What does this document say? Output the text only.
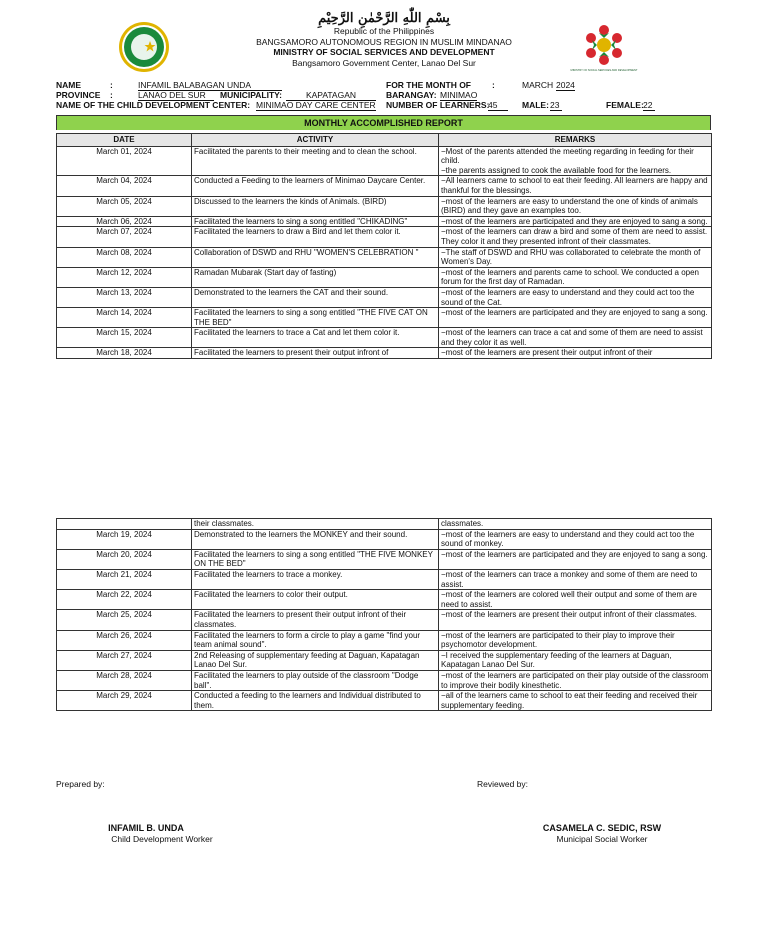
MINISTRY OF SOCIAL SERVICES AND DEVELOPMENT
بِسْمِ اللّٰهِ الرَّحْمٰنِ الرَّحِيْمِ
Republic of the Philippines
BANGSAMORO AUTONOMOUS REGION IN MUSLIM MINDANAO
MINISTRY OF SOCIAL SERVICES AND DEVELOPMENT
Bangsamoro Government Center, Lanao Del Sur
NAME	:	INFAMIL BALABAGAN UNDA
PROVINCE :	LANAO DEL SUR	MUNICIPALITY:	KAPATAGAN
NAME OF THE CHILD DEVELOPMENT CENTER: MINIMAO DAY CARE CENTER
FOR THE MONTH OF :	MARCH 2024
BARANGAY: MINIMAO
NUMBER OF LEARNERS:
45	MALE: 23	FEMALE: 22
MONTHLY ACCOMPLISHED REPORT
DATE	ACTIVITY	REMARKS
March 01, 2024	Facilitated the parents to their meeting and to clean the school.	−Most of the parents attended the meeting regarding in feeding for their child.
−the parents assigned to cook the available food for the learners.
March 04, 2024	Conducted a Feeding to the learners of Minimao Daycare Center.	−All learners came to school to eat their feeding. All learners are happy and thankful for the blessings.
March 05, 2024	Discussed to the learners the kinds of Animals. (BIRD)	−most of the learners are easy to understand the one of kinds of animals (BIRD) and they gave an examples too.
March 06, 2024	Facilitated the learners to sing a song entitled "CHIKADING"	−most of the learners are participated and they are enjoyed to sang a song.
March 07, 2024	Facilitated the learners to draw a Bird and let them color it.	−most of the learners can draw a bird and some of them are need to assist. They color it and they presented infront of their classmates.
March 08, 2024	Collaboration of DSWD and RHU "WOMEN'S CELEBRATION "	−The staff of DSWD and RHU was collaborated to celebrate the month of Women's Day.
March 12, 2024	Ramadan Mubarak (Start day of fasting)	−most of the learners and parents came to school. We conducted a open forum for the first day of Ramadan.
March 13, 2024	Demonstrated to the learners the CAT and their sound.	−most of the learners are easy to understand and they could act too the sound of the Cat.
March 14, 2024	Facilitated the learners to sing a song entitled "THE FIVE CAT ON THE BED"	−most of the learners are participated and they are enjoyed to sang a song.
March 15, 2024	Facilitated the learners to trace a Cat and let them color it.	−most of the learners can trace a cat and some of them are need to assist and they color it as well.
March 18, 2024	Facilitated the learners to present their output infront of	−most of the learners are present their output infront of their
	their classmates.	classmates.
March 19, 2024	Demonstrated to the learners the MONKEY and their sound.	−most of the learners are easy to understand and they could act too the sound of monkey.
March 20, 2024	Facilitated the learners to sing a song entitled "THE FIVE MONKEY ON THE BED"	−most of the learners are participated and they are enjoyed to sang a song.
March 21, 2024	Facilitated the learners to trace a monkey.	−most of the learners can trace a monkey and some of them are need to assist.
March 22, 2024	Facilitated the learners to color their output.	−most of the learners are colored well their output and some of them are need to assist.
March 25, 2024	Facilitated the learners to present their output infront of their classmates.	−most of the learners are present their output infront of their classmates.
March 26, 2024	Facilitated the learners to form a circle to play a game "find your team animal sound".	−most of the learners are participated to their play to improve their psychomotor development.
March 27, 2024	2nd Releasing of supplementary feeding at Daguan, Kapatagan Lanao Del Sur.	−I received the supplementary feeding of the learners at Daguan, Kapatagan Lanao Del Sur.
March 28, 2024	Facilitated the learners to play outside of the classroom "Dodge ball".	−most of the learners are participated on their play outside of the classroom to improve their bodily kinesthetic.
March 29, 2024	Conducted a feeding to the learners and Individual distributed to them.	−all of the learners came to school to eat their feeding and received their supplementary feeding.
Prepared by:	Reviewed by:
INFAMIL B. UNDA
Child Development Worker
CASAMELA C. SEDIC, RSW
Municipal Social Worker
